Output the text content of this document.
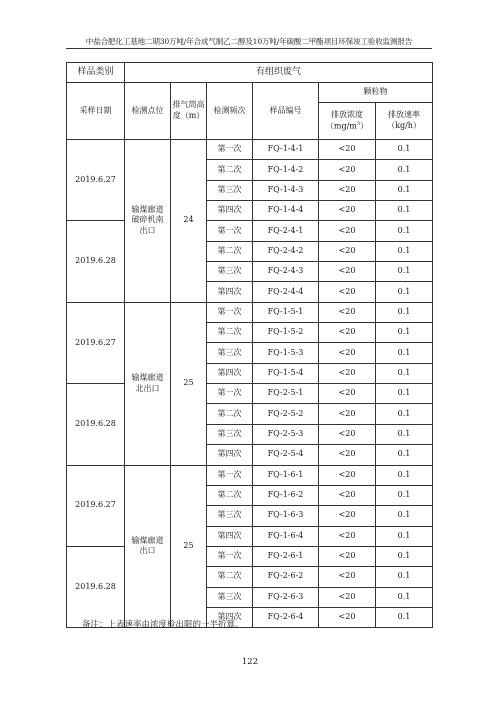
中盐合肥化工基地二期30万吨/年合成气制乙二醇及10万吨/年碳酸二甲酯项目环保竣工验收监测报告
样品类别	有组织废气					
采样日期	检测点位	排气筒高度（m）	检测频次	样品编号	颗粒物	
					排放浓度$(mg/m^3)$	排放速率（kg/h）
2019.6.27	输煤廊道破碎机南出口	24	第一次	FQ-1-4-1	<20	0.1
			第二次	FQ-1-4-2	<20	0.1
			第三次	FQ-1-4-3	<20	0.1
			第四次	FQ-1-4-4	<20	0.1
2019.6.28			第一次	FQ-2-4-1	<20	0.1
			第二次	FQ-2-4-2	<20	0.1
			第三次	FQ-2-4-3	<20	0.1
			第四次	FQ-2-4-4	<20	0.1
2019.6.27	输煤廊道北出口	25	第一次	FQ-1-5-1	<20	0.1
			第二次	FQ-1-5-2	<20	0.1
			第三次	FQ-1-5-3	<20	0.1
			第四次	FQ-1-5-4	<20	0.1
2019.6.28			第一次	FQ-2-5-1	<20	0.1
			第二次	FQ-2-5-2	<20	0.1
			第三次	FQ-2-5-3	<20	0.1
			第四次	FQ-2-5-4	<20	0.1
2019.6.27	输煤廊道出口	25	第一次	FQ-1-6-1	<20	0.1
			第二次	FQ-1-6-2	<20	0.1
			第三次	FQ-1-6-3	<20	0.1
			第四次	FQ-1-6-4	<20	0.1
2019.6.28			第一次	FQ-2-6-1	<20	0.1
			第二次	FQ-2-6-2	<20	0.1
			第三次	FQ-2-6-3	<20	0.1
			第四次	FQ-2-6-4	<20	0.1
备注：上表速率由浓度检出限的一半折算。
122
